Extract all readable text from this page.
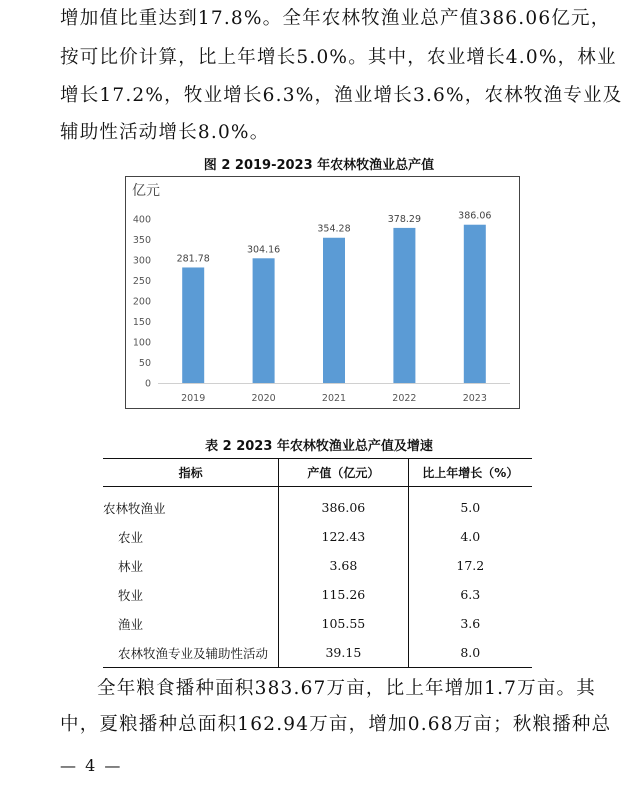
增加值比重达到17.8%。全年农林牧渔业总产值386.06亿元，
按可比价计算，比上年增长5.0%。其中，农业增长4.0%，林业
增长17.2%，牧业增长6.3%，渔业增长3.6%，农林牧渔专业及
辅助性活动增长8.0%。
图 2 2019-2023 年农林牧渔业总产值
亿元
0
50
100
150
200
250
300
350
400
281.78
2019
304.16
2020
354.28
2021
378.29
2022
386.06
2023
表 2 2023 年农林牧渔业总产值及增速
指标	产值（亿元）	比上年增长（%）
农林牧渔业	386.06	5.0
农业	122.43	4.0
林业	3.68	17.2
牧业	115.26	6.3
渔业	105.55	3.6
农林牧渔专业及辅助性活动	39.15	8.0
全年粮食播种面积383.67万亩，比上年增加1.7万亩。其
中，夏粮播种总面积162.94万亩，增加0.68万亩；秋粮播种总
— 4 —
